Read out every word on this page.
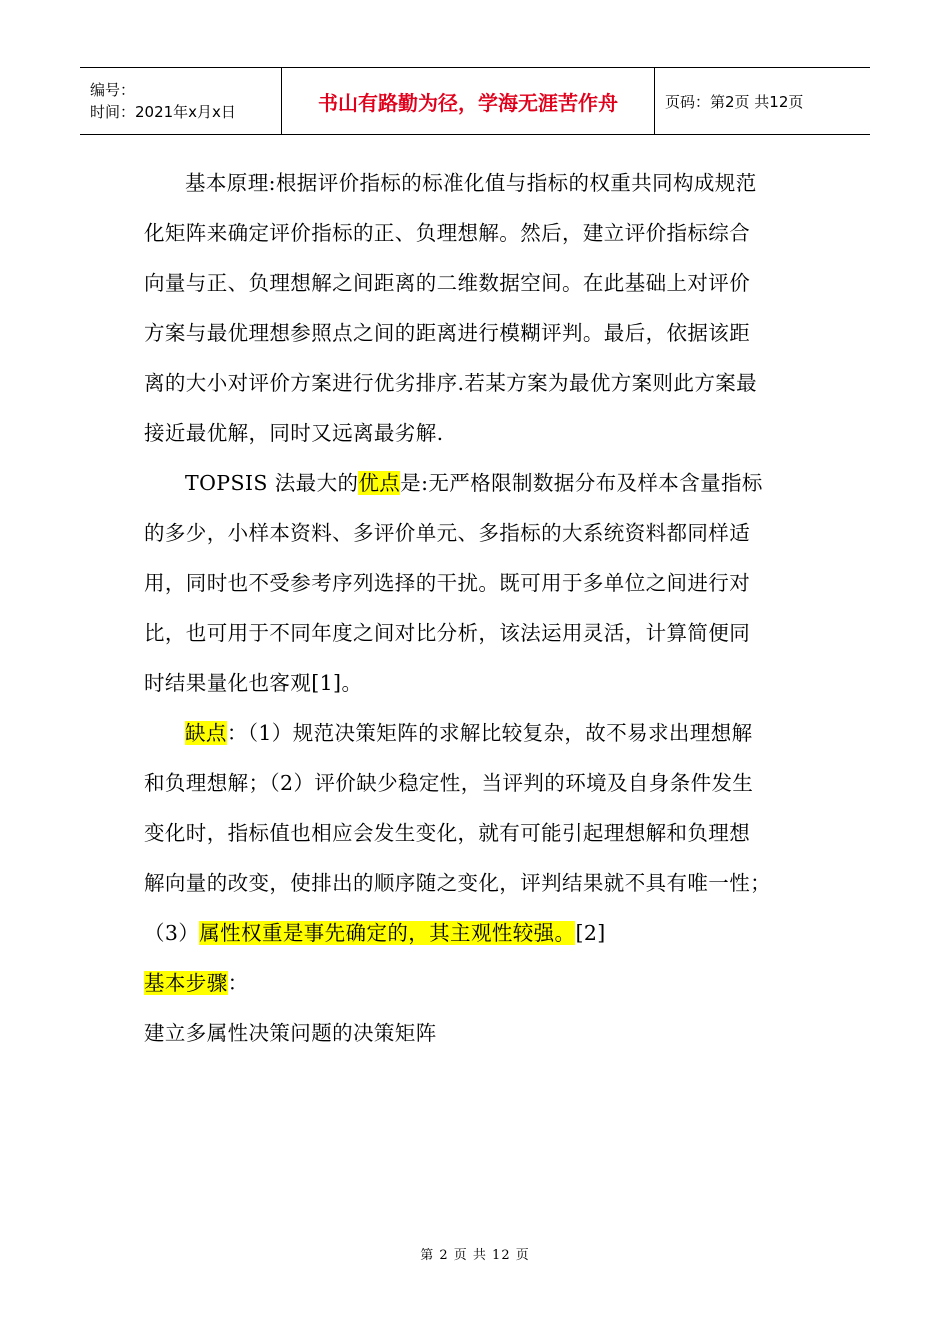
编号：
时间：2021年x月x日	书山有路勤为径，学海无涯苦作舟	页码：第2页 共12页

基本原理:根据评价指标的标准化值与指标的权重共同构成规范
化矩阵来确定评价指标的正、负理想解。然后，建立评价指标综合
向量与正、负理想解之间距离的二维数据空间。在此基础上对评价
方案与最优理想参照点之间的距离进行模糊评判。最后，依据该距
离的大小对评价方案进行优劣排序.若某方案为最优方案则此方案最
接近最优解，同时又远离最劣解.

TOPSIS 法最大的优点是:无严格限制数据分布及样本含量指标
的多少，小样本资料、多评价单元、多指标的大系统资料都同样适
用，同时也不受参考序列选择的干扰。既可用于多单位之间进行对
比，也可用于不同年度之间对比分析，该法运用灵活，计算简便同
时结果量化也客观[1]。

缺点：（1）规范决策矩阵的求解比较复杂，故不易求出理想解
和负理想解；（2）评价缺少稳定性，当评判的环境及自身条件发生
变化时，指标值也相应会发生变化，就有可能引起理想解和负理想
解向量的改变，使排出的顺序随之变化，评判结果就不具有唯一性；
（3）属性权重是事先确定的，其主观性较强。[2]

基本步骤：

建立多属性决策问题的决策矩阵

第 2 页 共 12 页
